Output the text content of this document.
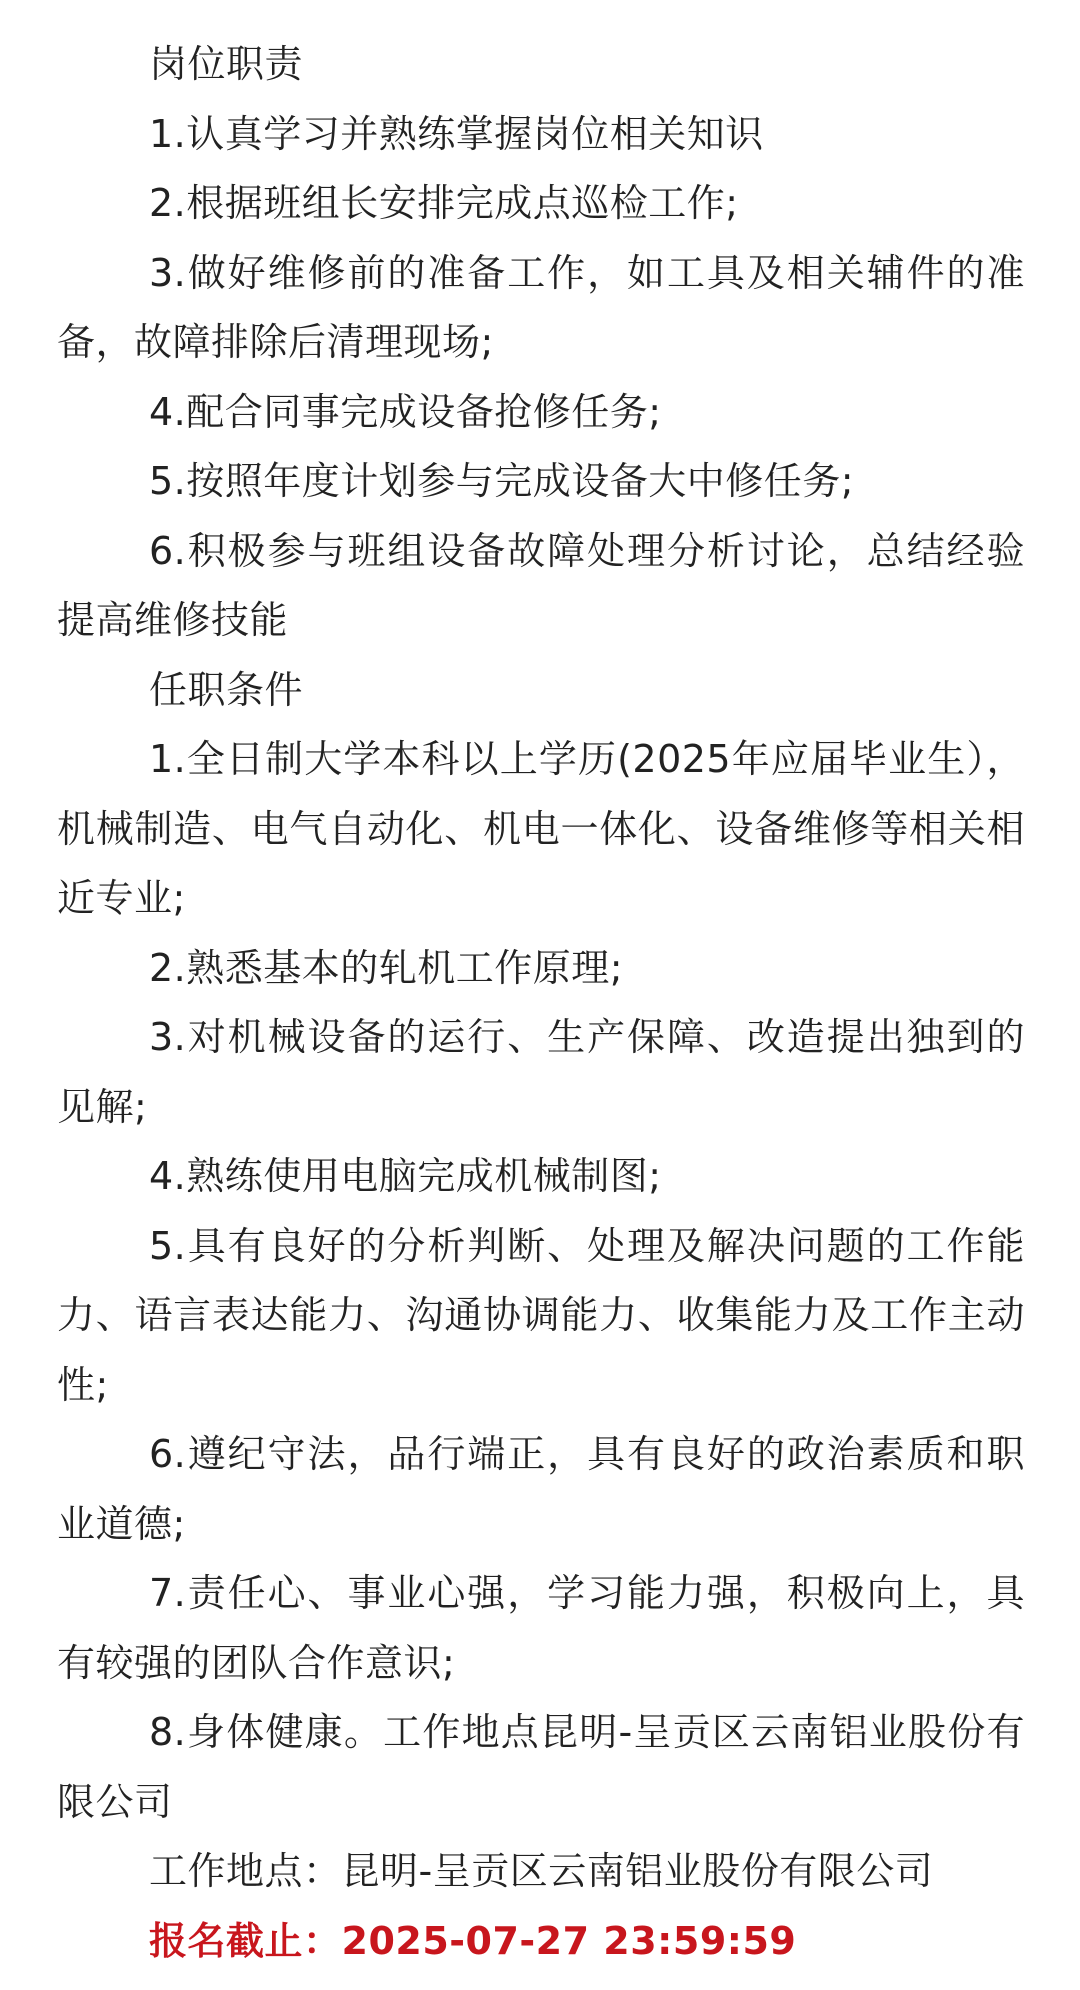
岗位职责

1.认真学习并熟练掌握岗位相关知识

2.根据班组长安排完成点巡检工作;

3.做好维修前的准备工作，如工具及相关辅件的准备，故障排除后清理现场;

4.配合同事完成设备抢修任务;

5.按照年度计划参与完成设备大中修任务;

6.积极参与班组设备故障处理分析讨论，总结经验提高维修技能

任职条件

1.全日制大学本科以上学历(2025年应届毕业生），机械制造、电气自动化、机电一体化、设备维修等相关相近专业;

2.熟悉基本的轧机工作原理;

3.对机械设备的运行、生产保障、改造提出独到的见解;

4.熟练使用电脑完成机械制图;

5.具有良好的分析判断、处理及解决问题的工作能力、语言表达能力、沟通协调能力、收集能力及工作主动性;

6.遵纪守法，品行端正，具有良好的政治素质和职业道德;

7.责任心、事业心强，学习能力强，积极向上，具有较强的团队合作意识;

8.身体健康。工作地点昆明-呈贡区云南铝业股份有限公司

工作地点：昆明-呈贡区云南铝业股份有限公司

报名截止：2025-07-27 23:59:59
